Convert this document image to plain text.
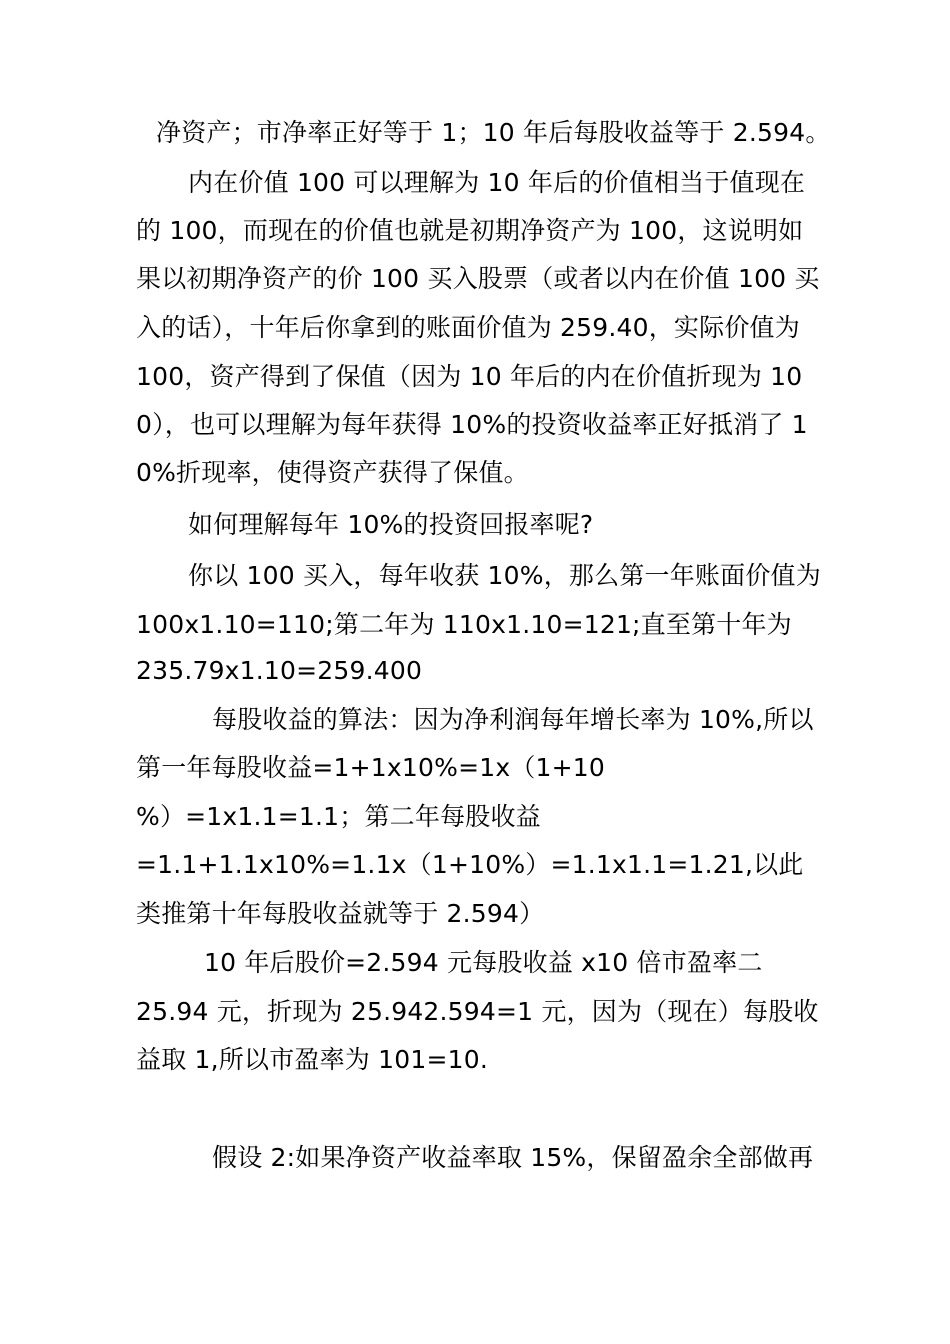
净资产；市净率正好等于 1；10 年后每股收益等于 2.594。
内在价值 100 可以理解为 10 年后的价值相当于值现在
的 100，而现在的价值也就是初期净资产为 100，这说明如
果以初期净资产的价 100 买入股票（或者以内在价值 100 买
入的话），十年后你拿到的账面价值为 259.40，实际价值为
100，资产得到了保值（因为 10 年后的内在价值折现为 10
0），也可以理解为每年获得 10%的投资收益率正好抵消了 1
0%折现率，使得资产获得了保值。
如何理解每年 10%的投资回报率呢?
你以 100 买入，每年收获 10%，那么第一年账面价值为
100x1.10=110;第二年为 110x1.10=121;直至第十年为
235.79x1.10=259.400
每股收益的算法：因为净利润每年增长率为 10%,所以
第一年每股收益=1+1x10%=1x（1+10
%）=1x1.1=1.1；第二年每股收益
=1.1+1.1x10%=1.1x（1+10%）=1.1x1.1=1.21,以此
类推第十年每股收益就等于 2.594）
10 年后股价=2.594 元每股收益 x10 倍市盈率二
25.94 元，折现为 25.942.594=1 元，因为（现在）每股收
益取 1,所以市盈率为 101=10.
假设 2:如果净资产收益率取 15%，保留盈余全部做再
